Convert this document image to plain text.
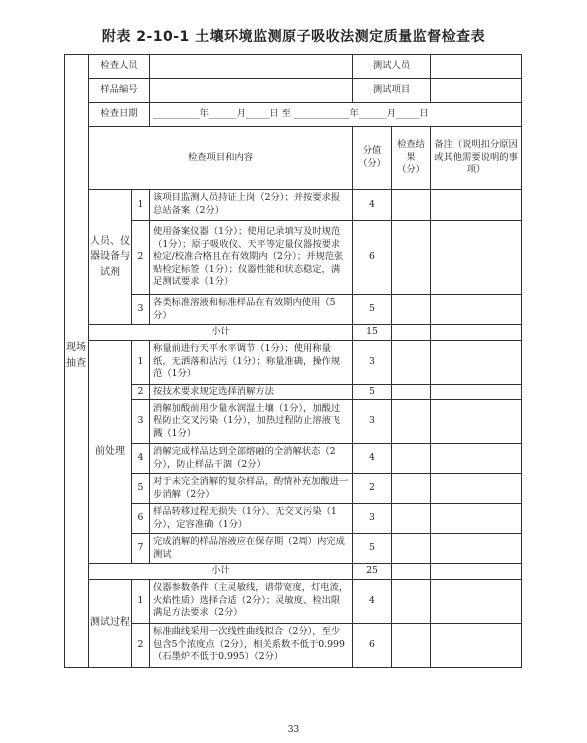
附表 2-10-1 土壤环境监测原子吸收法测定质量监督检查表
	检查人员			测试人员		
	样品编号			测试项目		
	检查日期		__________年______月_____日 至 ____________年______月_____日			
	检查项目和内容			分值（分）	检查结果（分）	备注（说明扣分原因或其他需要说明的事项）
	人员、仪器设备与试剂	1	该项目监测人员持证上岗（2分）；并按要求报总站备案（2分）	4		
		2	使用备案仪器（1分）；使用记录填写及时规范（1分）；原子吸收仪、天平等定量仪器按要求检定/校准合格且在有效期内（2分）；并规范张贴检定标签（1分）；仪器性能和状态稳定，满足测试要求（1分）	6		
		3	各类标准溶液和标准样品在有效期内使用（5分）	5		
	小计			15		
	前处理	1	称量前进行天平水平调节（1分）；使用称量纸，无洒落和沾污（1分）；称量准确，操作规范（1分）	3		
		2	按技术要求规定选择消解方法	5		
		3	消解加酸前用少量水润湿土壤（1分），加酸过程防止交叉污染（1分），加热过程防止溶液飞溅（1分）	3		
		4	消解完成样品达到全部熔融的全消解状态（2分），防止样品干涸（2分）	4		
		5	对于未完全消解的复杂样品，酌情补充加酸进一步消解（2分）	2		
		6	样品转移过程无损失（1分）、无交叉污染（1分），定容准确（1分）	3		
		7	完成消解的样品溶液应在保存期（2周）内完成测试	5		
	小计			25		
	测试过程	1	仪器参数条件（主灵敏线，谱带宽度，灯电流，火焰性质）选择合适（2分）；灵敏度、检出限满足方法要求（2分）	4		
		2	标准曲线采用一次线性曲线拟合（2分），至少包含5个浓度点（2分），相关系数不低于0.999（石墨炉不低于0.995）（2分）	6		
现场抽查
33
